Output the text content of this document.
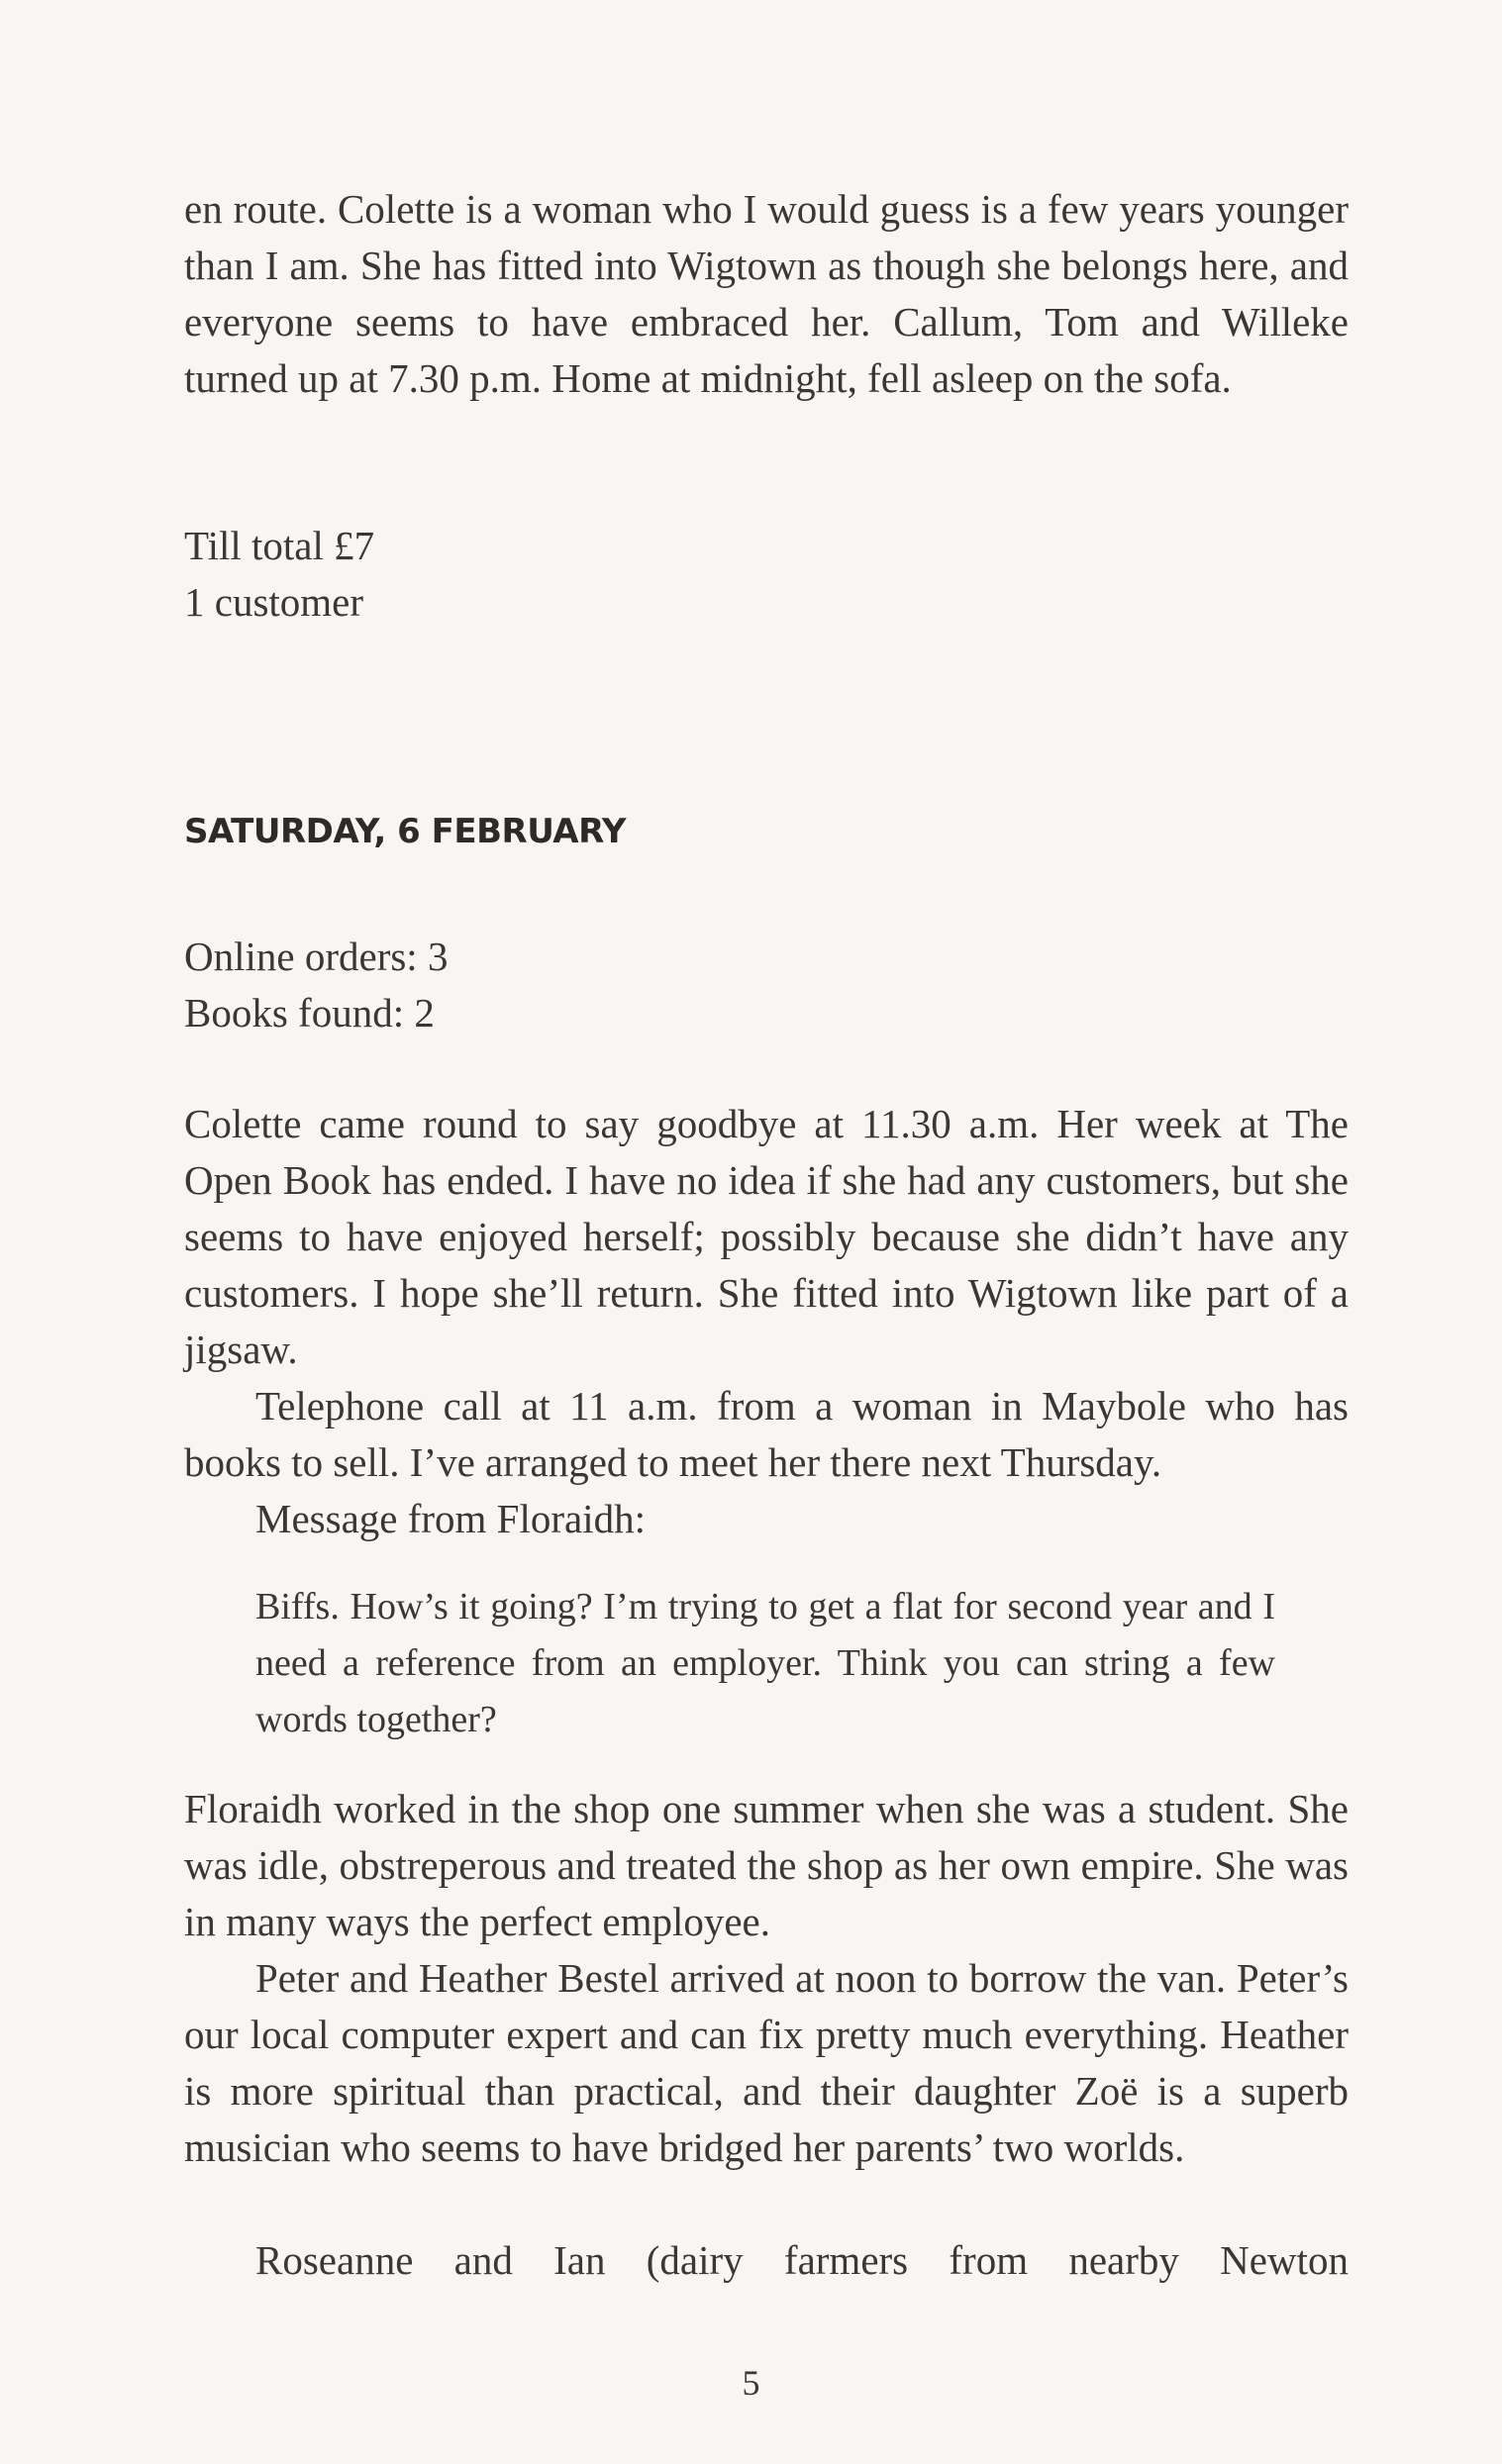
en route. Colette is a woman who I would guess is a few years younger than I am. She has fitted into Wigtown as though she belongs here, and everyone seems to have embraced her. Callum, Tom and Willeke turned up at 7.30 p.m. Home at midnight, fell asleep on the sofa.

Till total £7

1 customer

SATURDAY, 6 FEBRUARY

Online orders: 3

Books found: 2

Colette came round to say goodbye at 11.30 a.m. Her week at The Open Book has ended. I have no idea if she had any customers, but she seems to have enjoyed herself; possibly because she didn’t have any customers. I hope she’ll return. She fitted into Wigtown like part of a jigsaw.

Telephone call at 11 a.m. from a woman in Maybole who has books to sell. I’ve arranged to meet her there next Thursday.

Message from Floraidh:

Biffs. How’s it going? I’m trying to get a flat for second year and I need a reference from an employer. Think you can string a few words together?

Floraidh worked in the shop one summer when she was a student. She was idle, obstreperous and treated the shop as her own empire. She was in many ways the perfect employee.

Peter and Heather Bestel arrived at noon to borrow the van. Peter’s our local computer expert and can fix pretty much everything. Heather is more spiritual than practical, and their daughter Zoë is a superb musician who seems to have bridged her parents’ two worlds.

Roseanne and Ian (dairy farmers from nearby Newton

5
